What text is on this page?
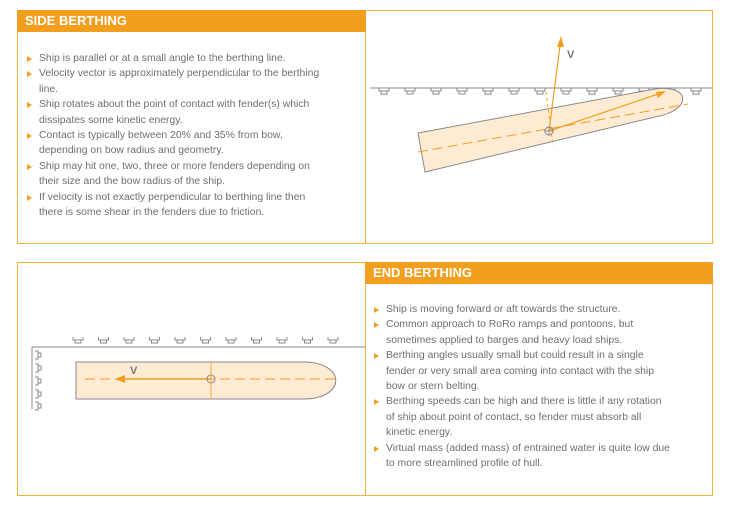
SIDE BERTHING
Ship is parallel or at a small angle to the berthing line.
Velocity vector is approximately perpendicular to the berthing line.
Ship rotates about the point of contact with fender(s) which dissipates some kinetic energy.
Contact is typically between 20% and 35% from bow, depending on bow radius and geometry.
Ship may hit one, two, three or more fenders depending on their size and the bow radius of the ship.
If velocity is not exactly perpendicular to berthing line then there is some shear in the fenders due to friction.
V
END BERTHING
Ship is moving forward or aft towards the structure.
Common approach to RoRo ramps and pontoons, but sometimes applied to barges and heavy load ships.
Berthing angles usually small but could result in a single fender or very small area coming into contact with the ship bow or stern belting.
Berthing speeds can be high and there is little if any rotation of ship about point of contact, so fender must absorb all kinetic energy.
Virtual mass (added mass) of entrained water is quite low due to more streamlined profile of hull.
V
